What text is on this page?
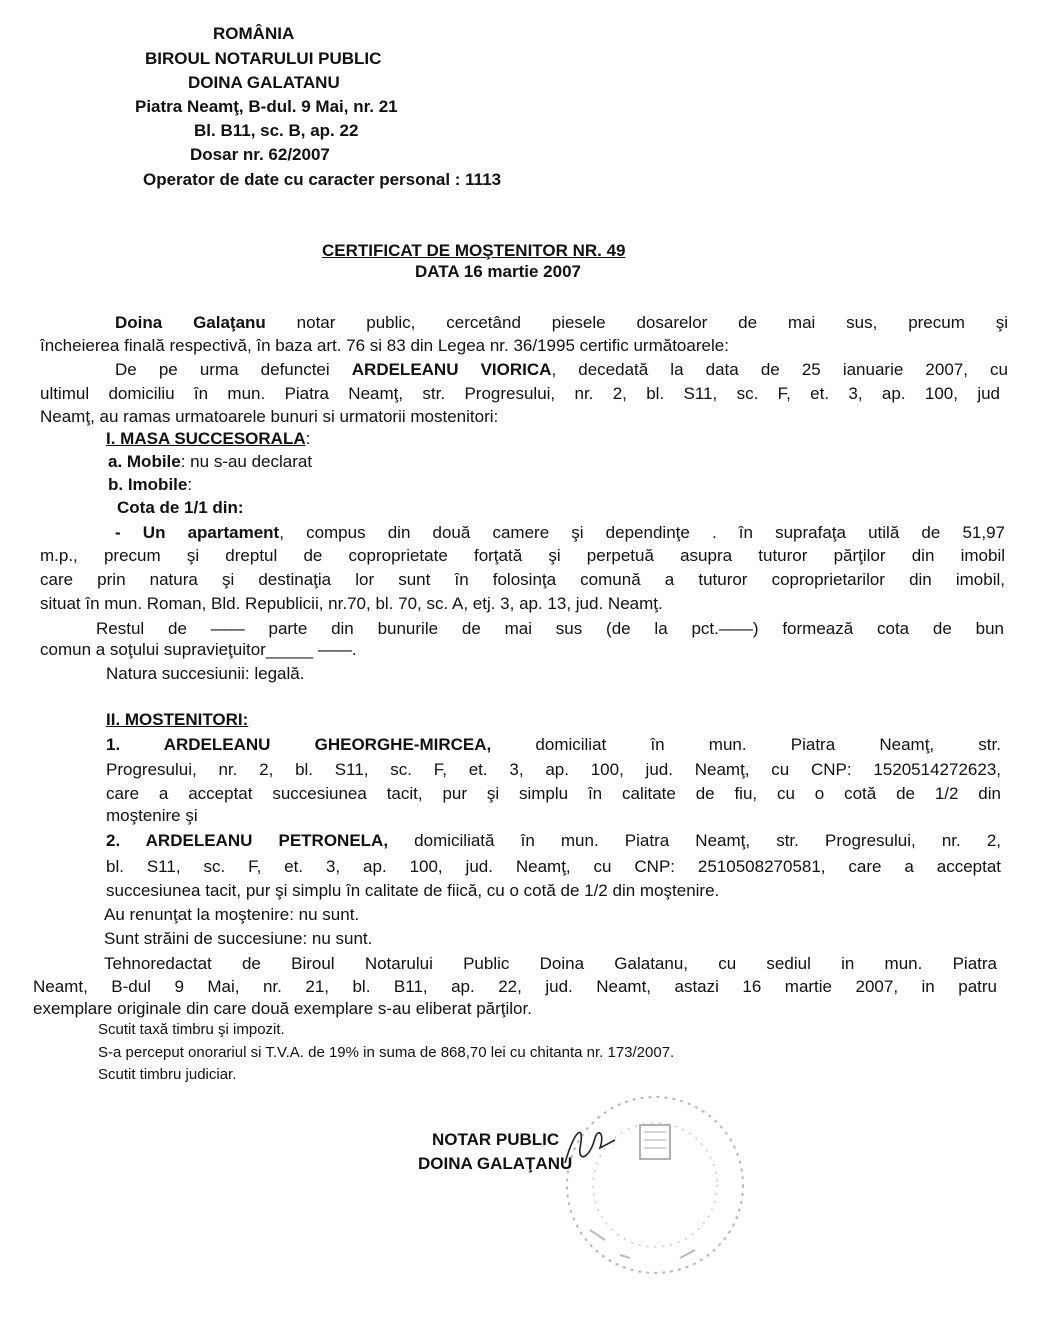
ROMÂNIA
BIROUL NOTARULUI PUBLIC
DOINA GALATANU
Piatra Neamţ, B-dul. 9 Mai, nr. 21
Bl. B11, sc. B, ap. 22
Dosar nr. 62/2007
Operator de date cu caracter personal : 1113
CERTIFICAT DE MOŞTENITOR NR. 49
DATA 16 martie 2007
Doina Galaţanu notar public, cercetând piesele dosarelor de mai sus, precum şi
încheierea finală respectivă, în baza art. 76 si 83 din Legea nr. 36/1995 certific următoarele:
De pe urma defunctei ARDELEANU VIORICA, decedată la data de 25 ianuarie 2007, cu
ultimul domiciliu în mun. Piatra Neamţ, str. Progresului, nr. 2, bl. S11, sc. F, et. 3, ap. 100, jud
Neamţ, au ramas urmatoarele bunuri si urmatorii mostenitori:
I. MASA SUCCESORALA:
a. Mobile: nu s-au declarat
b. Imobile:
Cota de 1/1 din:
- Un apartament, compus din două camere şi dependinţe . în suprafaţa utilă de 51,97
m.p., precum şi dreptul de coproprietate forţată şi perpetuă asupra tuturor părţilor din imobil
care prin natura şi destinaţia lor sunt în folosinţa comună a tuturor coproprietarilor din imobil,
situat în mun. Roman, Bld. Republicii, nr.70, bl. 70, sc. A, etj. 3, ap. 13, jud. Neamţ.
Restul de —— parte din bunurile de mai sus (de la pct.——) formează cota de bun
comun a soţului supravieţuitor_____ ——.
Natura succesiunii: legală.
II. MOSTENITORI:
1. ARDELEANU GHEORGHE-MIRCEA, domiciliat în mun. Piatra Neamţ, str.
Progresului, nr. 2, bl. S11, sc. F, et. 3, ap. 100, jud. Neamţ, cu CNP: 1520514272623,
care a acceptat succesiunea tacit, pur şi simplu în calitate de fiu, cu o cotă de 1/2 din
moştenire şi
2. ARDELEANU PETRONELA, domiciliată în mun. Piatra Neamţ, str. Progresului, nr. 2,
bl. S11, sc. F, et. 3, ap. 100, jud. Neamţ, cu CNP: 2510508270581, care a acceptat
succesiunea tacit, pur şi simplu în calitate de fiică, cu o cotă de 1/2 din moştenire.
Au renunţat la moştenire: nu sunt.
Sunt străini de succesiune: nu sunt.
Tehnoredactat de Biroul Notarului Public Doina Galatanu, cu sediul in mun. Piatra
Neamt, B-dul 9 Mai, nr. 21, bl. B11, ap. 22, jud. Neamt, astazi 16 martie 2007, in patru
exemplare originale din care două exemplare s-au eliberat părţilor.
Scutit taxă timbru şi impozit.
S-a perceput onorariul si T.V.A. de 19% in suma de 868,70 lei cu chitanta nr. 173/2007.
Scutit timbru judiciar.
NOTAR PUBLIC
DOINA GALAŢANU
